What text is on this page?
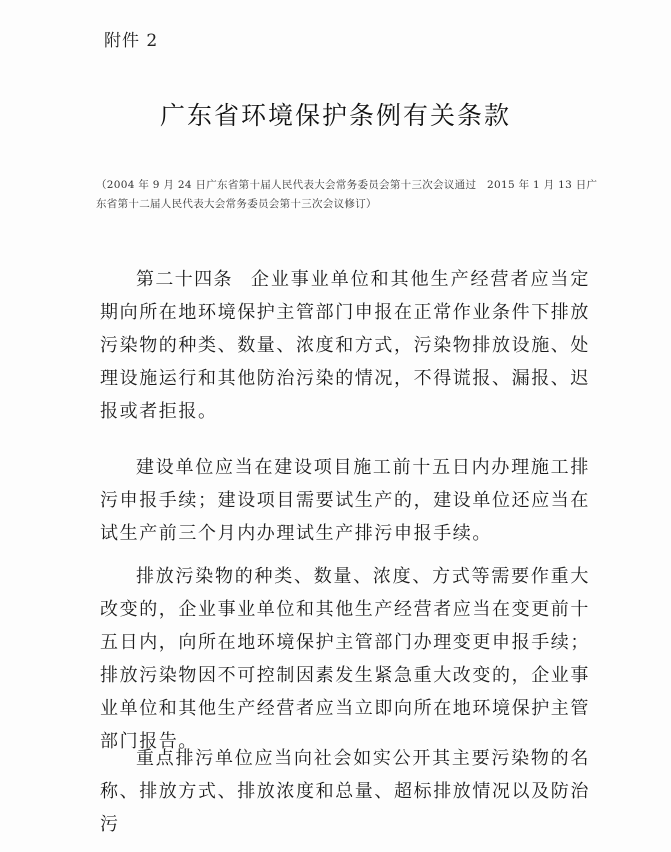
附件 2
广东省环境保护条例有关条款
（2004 年 9 月 24 日广东省第十届人民代表大会常务委员会第十三次会议通过　2015 年 1 月 13 日广东省第十二届人民代表大会常务委员会第十三次会议修订）
第二十四条 企业事业单位和其他生产经营者应当定期向所在地环境保护主管部门申报在正常作业条件下排放污染物的种类、数量、浓度和方式，污染物排放设施、处理设施运行和其他防治污染的情况，不得谎报、漏报、迟报或者拒报。
建设单位应当在建设项目施工前十五日内办理施工排污申报手续；建设项目需要试生产的，建设单位还应当在试生产前三个月内办理试生产排污申报手续。
排放污染物的种类、数量、浓度、方式等需要作重大改变的，企业事业单位和其他生产经营者应当在变更前十五日内，向所在地环境保护主管部门办理变更申报手续；排放污染物因不可控制因素发生紧急重大改变的，企业事业单位和其他生产经营者应当立即向所在地环境保护主管部门报告。
重点排污单位应当向社会如实公开其主要污染物的名称、排放方式、排放浓度和总量、超标排放情况以及防治污
